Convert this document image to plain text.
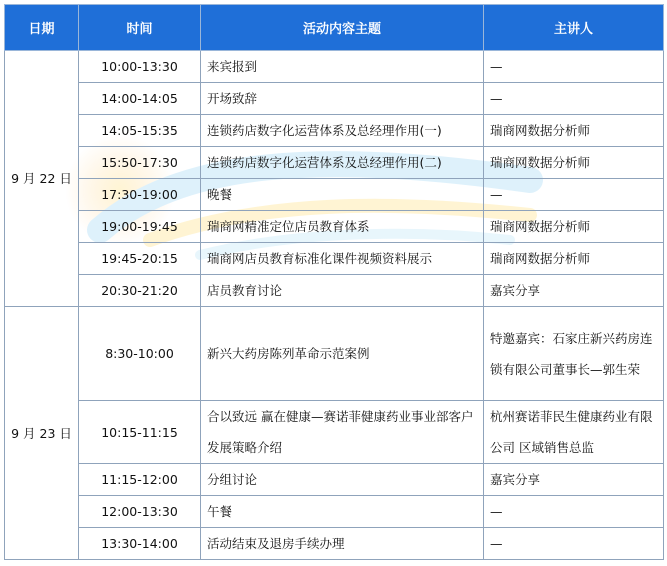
日期	时间	活动内容主题	主讲人
9 月 22 日	10:00-13:30	来宾报到	—
	14:00-14:05	开场致辞	—
	14:05-15:35	连锁药店数字化运营体系及总经理作用(一)	瑞商网数据分析师
	15:50-17:30	连锁药店数字化运营体系及总经理作用(二)	瑞商网数据分析师
	17:30-19:00	晚餐	—
	19:00-19:45	瑞商网精准定位店员教育体系	瑞商网数据分析师
	19:45-20:15	瑞商网店员教育标准化课件视频资料展示	瑞商网数据分析师
	20:30-21:20	店员教育讨论	嘉宾分享
9 月 23 日	8:30-10:00	新兴大药房陈列革命示范案例	特邀嘉宾：石家庄新兴药房连锁有限公司董事长—郭生荣

	10:15-11:15	合以致远 赢在健康—赛诺菲健康药业事业部客户发展策略介绍	杭州赛诺菲民生健康药业有限公司 区域销售总监

	11:15-12:00	分组讨论	嘉宾分享
	12:00-13:30	午餐	—
	13:30-14:00	活动结束及退房手续办理	—
